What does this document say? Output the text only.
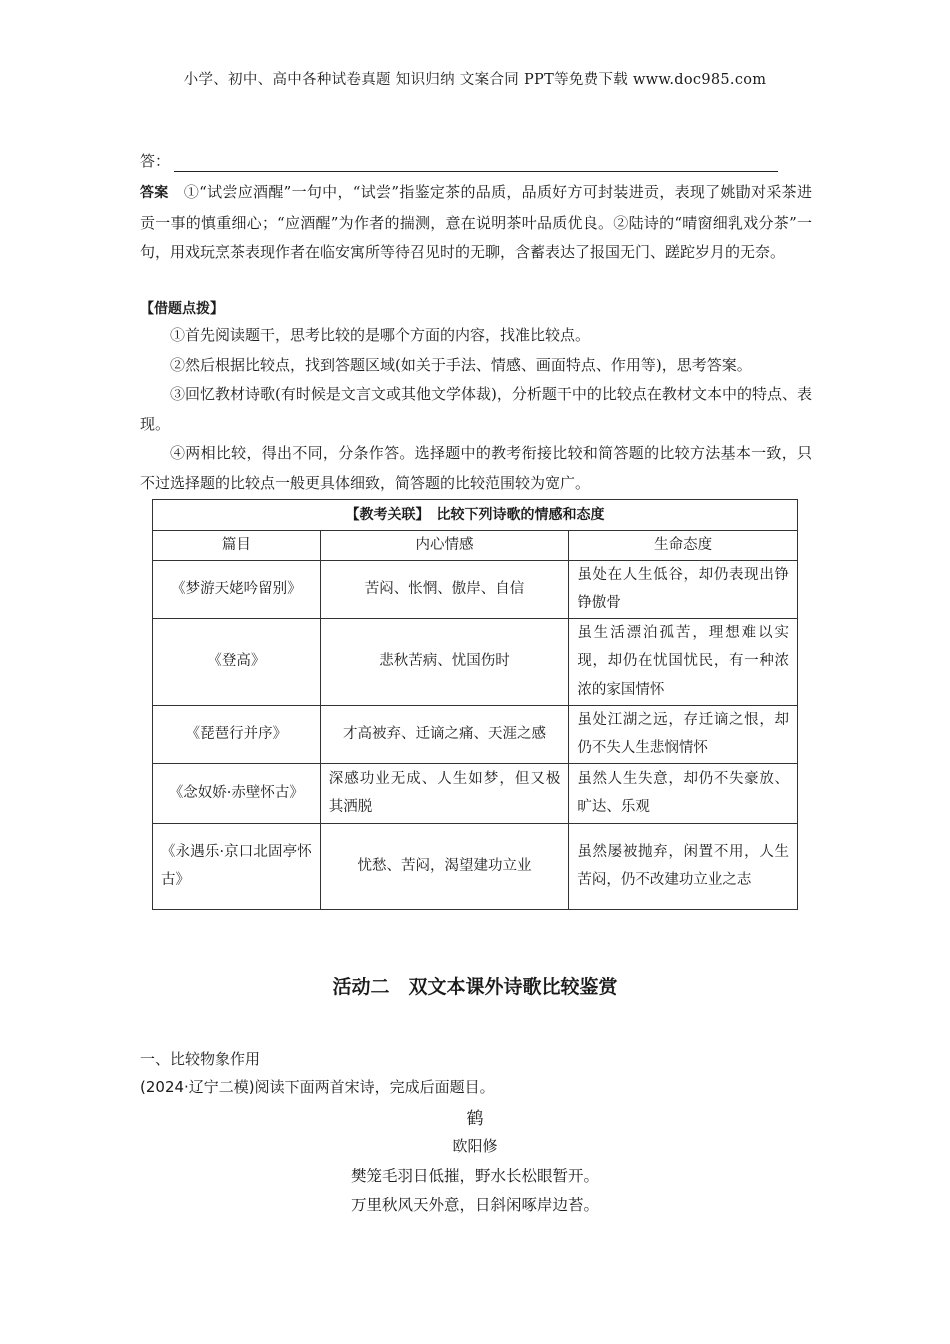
小学、初中、高中各种试卷真题 知识归纳 文案合同 PPT等免费下载 www.doc985.com
答：

答案　 ①“试尝应酒醒”一句中，“试尝”指鉴定茶的品质，品质好方可封装进贡，表现了姚勖对采茶进贡一事的慎重细心；“应酒醒”为作者的揣测，意在说明茶叶品质优良。②陆诗的“晴窗细乳戏分茶”一句，用戏玩烹茶表现作者在临安寓所等待召见时的无聊，含蓄表达了报国无门、蹉跎岁月的无奈。

【借题点拨】

①首先阅读题干，思考比较的是哪个方面的内容，找准比较点。

②然后根据比较点，找到答题区域(如关于手法、情感、画面特点、作用等)，思考答案。

③回忆教材诗歌(有时候是文言文或其他文学体裁)，分析题干中的比较点在教材文本中的特点、表现。

④两相比较，得出不同，分条作答。选择题中的教考衔接比较和简答题的比较方法基本一致，只不过选择题的比较点一般更具体细致，简答题的比较范围较为宽广。

【教考关联】　比较下列诗歌的情感和态度		
篇目	内心情感	生命态度
《梦游天姥吟留别》	苦闷、怅惘、傲岸、自信	虽处在人生低谷，却仍表现出铮铮傲骨
《登高》	悲秋苦病、忧国伤时	虽生活漂泊孤苦，理想难以实现，却仍在忧国忧民，有一种浓浓的家国情怀
《琵琶行并序》	才高被弃、迁谪之痛、天涯之感	虽处江湖之远，存迁谪之恨，却仍不失人生悲悯情怀
《念奴娇·赤壁怀古》	深感功业无成、人生如梦，但又极其洒脱	虽然人生失意，却仍不失豪放、旷达、乐观
《永遇乐·京口北固亭怀古》	忧愁、苦闷，渴望建功立业	虽然屡被抛弃，闲置不用，人生苦闷，仍不改建功立业之志
活动二　双文本课外诗歌比较鉴赏
一、比较物象作用
(2024·辽宁二模)阅读下面两首宋诗，完成后面题目。
鹤
欧阳修
樊笼毛羽日低摧，野水长松眼暂开。
万里秋风天外意，日斜闲啄岸边苔。
